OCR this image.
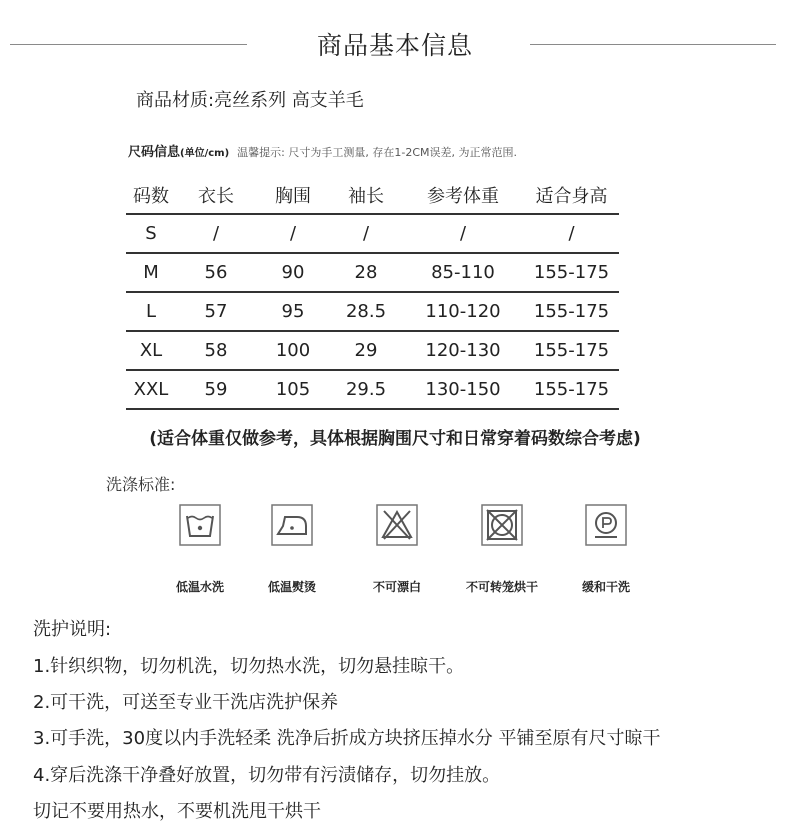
商品基本信息
商品材质:亮丝系列 高支羊毛
尺码信息(单位/cm) 温馨提示: 尺寸为手工测量, 存在1-2CM误差, 为正常范围.
码数	衣长	胸围	袖长	参考体重	适合身高
S	/	/	/	/	/
M	56	90	28	85-110	155-175
L	57	95	28.5	110-120	155-175
XL	58	100	29	120-130	155-175
XXL	59	105	29.5	130-150	155-175
(适合体重仅做参考，具体根据胸围尺寸和日常穿着码数综合考虑)
洗涤标准:
低温水洗	低温熨烫	不可漂白	不可转笼烘干	缓和干洗
洗护说明:
1.针织织物，切勿机洗，切勿热水洗，切勿悬挂晾干。
2.可干洗，可送至专业干洗店洗护保养
3.可手洗，30度以内手洗轻柔 洗净后折成方块挤压掉水分 平铺至原有尺寸晾干
4.穿后洗涤干净叠好放置，切勿带有污渍储存，切勿挂放。
切记不要用热水，不要机洗甩干烘干
